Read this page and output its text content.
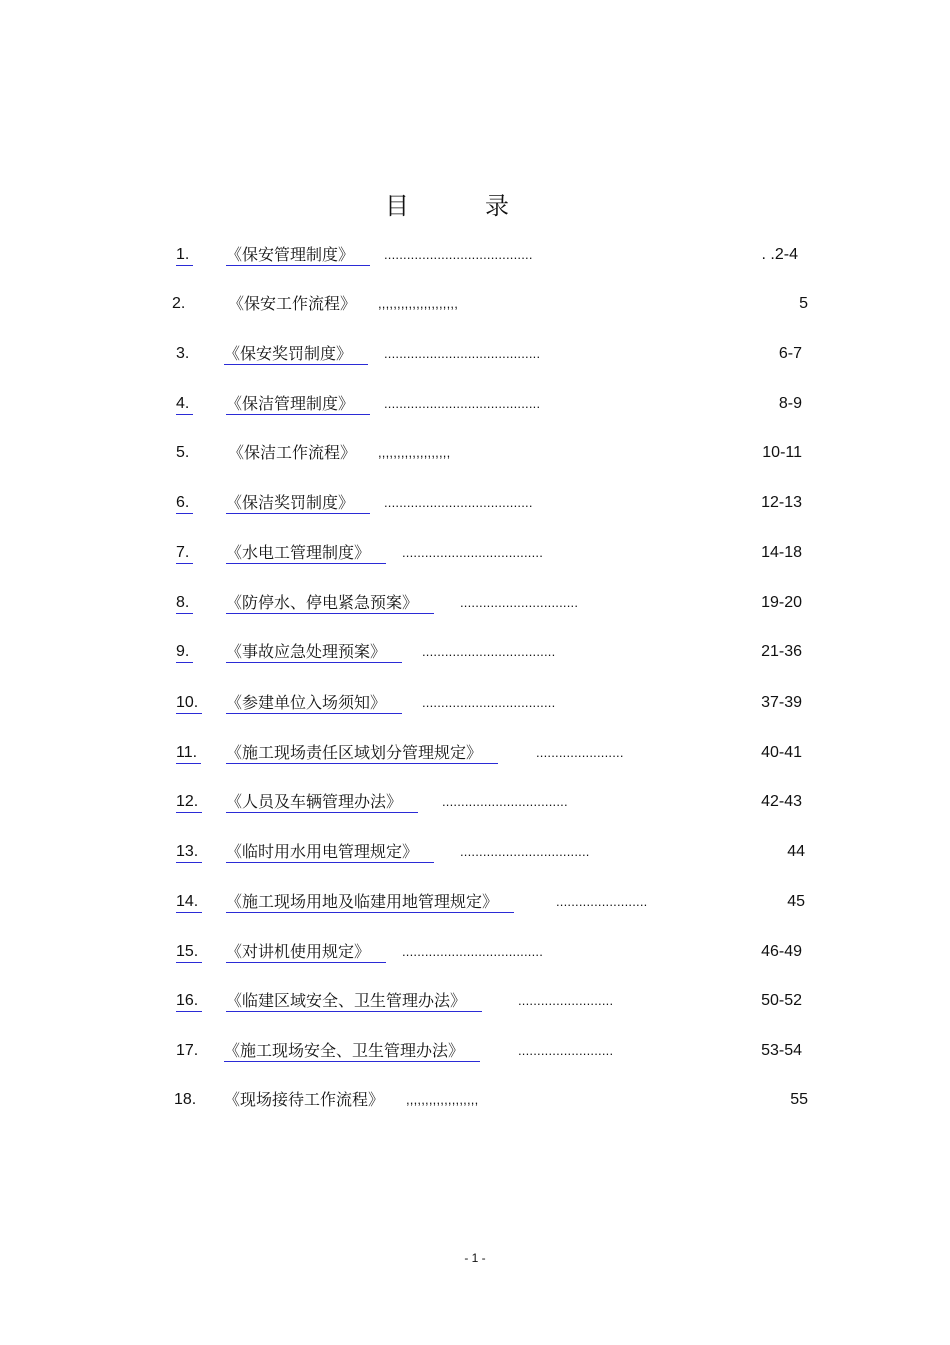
目　录
1. 《保安管理制度》	.......................................	. .2-4
2.	《保安工作流程》 ,,,,,,,,,,,,,,,,,,,,,	5
3. 《保安奖罚制度》	.........................................	6-7
4. 《保洁管理制度》	.........................................	8-9
5. 《保洁工作流程》 ,,,,,,,,,,,,,,,,,,,	10-11
6. 《保洁奖罚制度》	.......................................	12-13
7. 《水电工管理制度》	.....................................	14-18
8. 《防停水、停电紧急预案》	...............................	19-20
9. 《事故应急处理预案》	...................................	21-36
10. 《参建单位入场须知》	...................................	37-39
11. 《施工现场责任区域划分管理规定》	.......................	40-41
12. 《人员及车辆管理办法》	.................................	42-43
13. 《临时用水用电管理规定》	..................................	44
14. 《施工现场用地及临建用地管理规定》	........................	45
15. 《对讲机使用规定》	.....................................	46-49
16. 《临建区域安全、卫生管理办法》	.........................	50-52
17. 《施工现场安全、卫生管理办法》	.........................	53-54
18. 《现场接待工作流程》 ,,,,,,,,,,,,,,,,,,,	55
- 1 -
